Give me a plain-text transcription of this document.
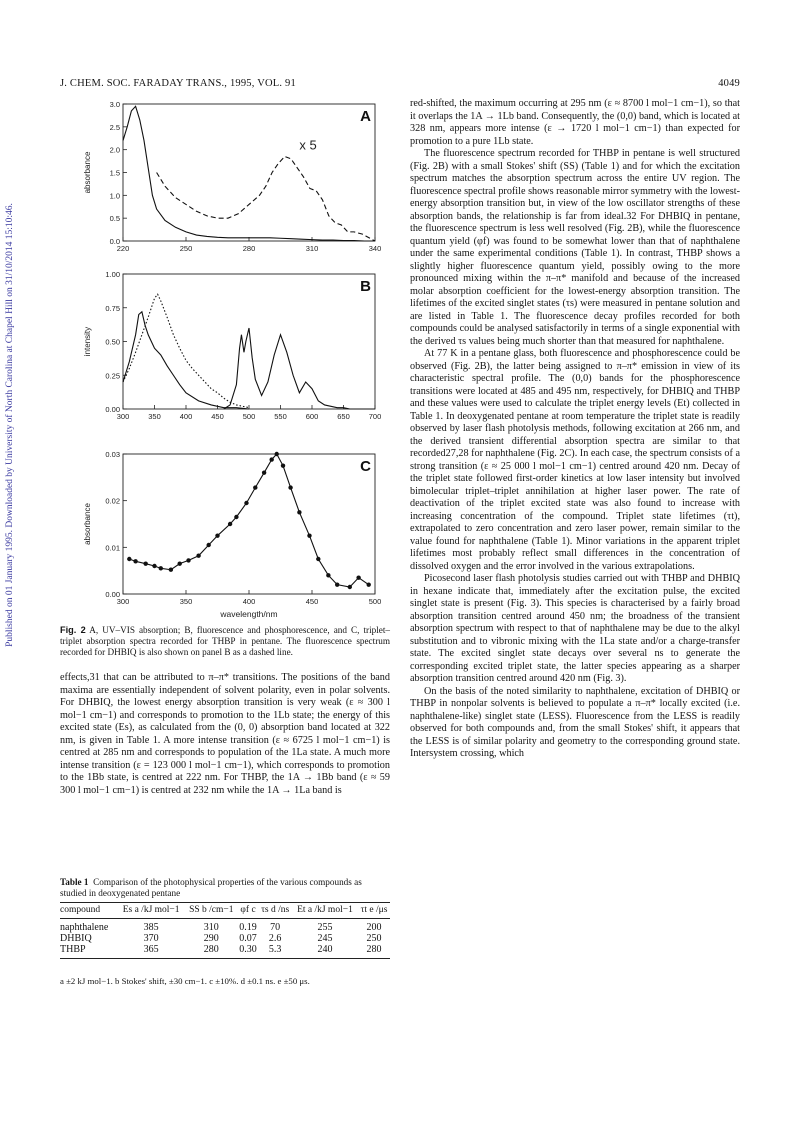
J. CHEM. SOC. FARADAY TRANS., 1995, VOL. 91	4049
Published on 01 January 1995. Downloaded by University of North Carolina at Chapel Hill on 31/10/2014 15:10:46.	220	250	280	310	340
0.0
0.5
1.0
1.5
2.0
2.5
3.0
absorbance
A
x 5
300	350	400	450	500	550	600	650	700
0.00
0.25
0.50
0.75
1.00
intensity
B
300	350	400	450	500
0.00
0.01
0.02
0.03
absorbance
wavelength/nm
C
Fig. 2 A, UV–VIS absorption; B, fluorescence and phosphorescence, and C, triplet–triplet absorption spectra recorded for THBP in pentane. The fluorescence spectrum recorded for DHBIQ is also shown on panel B as a dashed line.

effects,31 that can be attributed to π–π* transitions. The positions of the band maxima are essentially independent of solvent polarity, even in polar solvents. For DHBIQ, the lowest energy absorption transition is very weak (ε ≈ 300 l mol−1 cm−1) and corresponds to promotion to the 1Lb state; the energy of this excited state (Es), as calculated from the (0, 0) absorption band located at 322 nm, is given in Table 1. A more intense transition (ε ≈ 6725 l mol−1 cm−1) is centred at 285 nm and corresponds to population of the 1La state. A much more intense transition (ε = 123 000 l mol−1 cm−1), which corresponds to promotion to the 1Bb state, is centred at 222 nm. For THBP, the 1A → 1Bb band (ε ≈ 59 300 l mol−1 cm−1) is centred at 232 nm while the 1A → 1La band is

Table 1 Comparison of the photophysical properties of the various compounds as studied in deoxygenated pentane
compound	Es a /kJ mol−1	SS b /cm−1	φf c	τs d /ns	Et a /kJ mol−1	τt e /μs
naphthalene	385	310	0.19	70	255	200
DHBIQ	370	290	0.07	2.6	245	250
THBP	365	280	0.30	5.3	240	280
a ±2 kJ mol−1. b Stokes' shift, ±30 cm−1. c ±10%. d ±0.1 ns. e ±50 μs.

red-shifted, the maximum occurring at 295 nm (ε ≈ 8700 l mol−1 cm−1), so that it overlaps the 1A → 1Lb band. Consequently, the (0,0) band, which is located at 328 nm, appears more intense (ε → 1720 l mol−1 cm−1) than expected for promotion to a pure 1Lb state.

The fluorescence spectrum recorded for THBP in pentane is well structured (Fig. 2B) with a small Stokes' shift (SS) (Table 1) and for which the excitation spectrum matches the absorption spectrum across the entire UV region. The fluorescence spectral profile shows reasonable mirror symmetry with the lowest-energy absorption transition but, in view of the low oscillator strengths of these absorption bands, the relationship is far from ideal.32 For DHBIQ in pentane, the fluorescence spectrum is less well resolved (Fig. 2B), while the fluorescence quantum yield (φf) was found to be somewhat lower than that of naphthalene under the same experimental conditions (Table 1). In contrast, THBP shows a slightly higher fluorescence quantum yield, possibly owing to the more pronounced mixing within the π–π* manifold and because of the increased molar absorption coefficient for the lowest-energy absorption transition. The lifetimes of the excited singlet states (τs) were measured in pentane solution and are listed in Table 1. The fluorescence decay profiles recorded for both compounds could be analysed satisfactorily in terms of a single exponential with the derived τs values being much shorter than that measured for naphthalene.

At 77 K in a pentane glass, both fluorescence and phosphorescence could be observed (Fig. 2B), the latter being assigned to π–π* emission in view of its characteristic spectral profile. The (0,0) bands for the phosphorescence transitions were located at 485 and 495 nm, respectively, for DHBIQ and THBP and these values were used to calculate the triplet energy levels (Et) collected in Table 1. In deoxygenated pentane at room temperature the triplet state is readily observed by laser flash photolysis methods, following excitation at 266 nm, and the derived transient differential absorption spectra are similar to that recorded27,28 for naphthalene (Fig. 2C). In each case, the spectrum consists of a strong transition (ε ≈ 25 000 l mol−1 cm−1) centred around 420 nm. Decay of the triplet state followed first-order kinetics at low laser intensity but involved bimolecular triplet–triplet annihilation at higher laser power. The rate of deactivation of the triplet excited state was also found to increase with increasing concentration of the compound. Triplet state lifetimes (τt), extrapolated to zero concentration and zero laser power, remain similar to the value found for naphthalene (Table 1). Minor variations in the apparent triplet lifetimes most probably reflect small differences in the concentration of dissolved oxygen and the error involved in the various extrapolations.

Picosecond laser flash photolysis studies carried out with THBP and DHBIQ in hexane indicate that, immediately after the excitation pulse, the excited singlet state is present (Fig. 3). This species is characterised by a fairly broad absorption transition centred around 450 nm; the broadness of the transient absorption spectrum with respect to that of naphthalene may be due to the alkyl substitution and to vibronic mixing with the 1La state and/or a charge-transfer state. The excited singlet state decays over several ns to generate the corresponding excited triplet state, the latter species appearing as a sharper absorption transition centred around 420 nm (Fig. 3).

On the basis of the noted similarity to naphthalene, excitation of DHBIQ or THBP in nonpolar solvents is believed to populate a π–π* locally excited (i.e. naphthalene-like) singlet state (LESS). Fluorescence from the LESS is readily observed for both compounds and, from the small Stokes' shift, it appears that the LESS is of similar polarity and geometry to the corresponding ground state. Intersystem crossing, which
